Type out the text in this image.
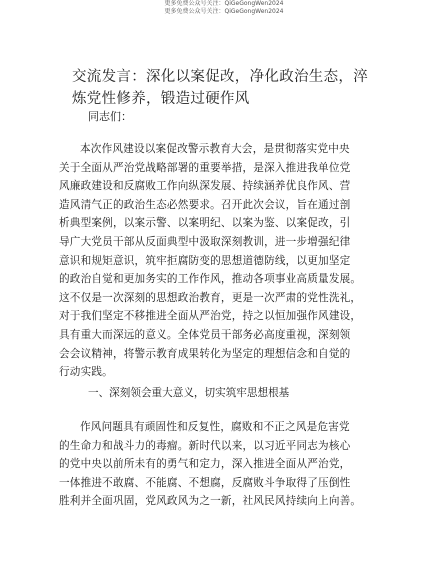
更多免费公众号关注：QiGeGongWen2024
更多免费公众号关注：QiGeGongWen2024
交流发言：深化以案促改，净化政治生态，淬
炼党性修养，锻造过硬作风
同志们：
本次作风建设以案促改警示教育大会，是贯彻落实党中央
关于全面从严治党战略部署的重要举措，是深入推进我单位党
风廉政建设和反腐败工作向纵深发展、持续涵养优良作风、营
造风清气正的政治生态必然要求。召开此次会议，旨在通过剖
析典型案例，以案示警、以案明纪、以案为鉴、以案促改，引
导广大党员干部从反面典型中汲取深刻教训，进一步增强纪律
意识和规矩意识，筑牢拒腐防变的思想道德防线，以更加坚定
的政治自觉和更加务实的工作作风，推动各项事业高质量发展。
这不仅是一次深刻的思想政治教育，更是一次严肃的党性洗礼，
对于我们坚定不移推进全面从严治党，持之以恒加强作风建设，
具有重大而深远的意义。全体党员干部务必高度重视，深刻领
会会议精神，将警示教育成果转化为坚定的理想信念和自觉的
行动实践。
一、深刻领会重大意义，切实筑牢思想根基
作风问题具有顽固性和反复性，腐败和不正之风是危害党
的生命力和战斗力的毒瘤。新时代以来，以习近平同志为核心
的党中央以前所未有的勇气和定力，深入推进全面从严治党，
一体推进不敢腐、不能腐、不想腐，反腐败斗争取得了压倒性
胜利并全面巩固，党风政风为之一新，社风民风持续向上向善。
